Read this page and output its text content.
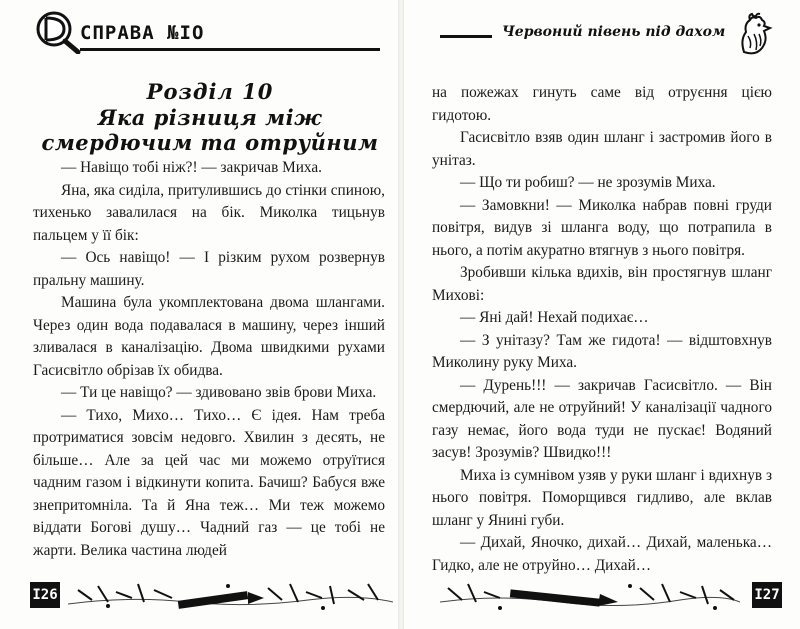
СПРАВА №IO	Червоний півень під дахом
Розділ 10
Яка різниця між
смердючим та отруйним

— Навіщо тобі ніж?! — закричав Миха.

Яна, яка сиділа, притулившись до стінки спиною, тихенько завалилася на бік. Миколка тицьнув пальцем у її бік:

— Ось навіщо! — І різким рухом розвернув пральну машину.

Машина була укомплектована двома шлангами. Через один вода подавалася в машину, через інший зливалася в каналізацію. Двома швидкими рухами Гасисвітло обрізав їх обидва.

— Ти це навіщо? — здивовано звів брови Миха.

— Тихо, Михо… Тихо… Є ідея. Нам треба протриматися зовсім недовго. Хвилин з десять, не більше… Але за цей час ми можемо отруїтися чадним газом і відкинути копита. Бачиш? Бабуся вже знепритомніла. Та й Яна теж… Ми теж можемо віддати Богові душу… Чадний газ — це тобі не жарти. Велика частина людей

на пожежах гинуть саме від отруєння цією гидотою.

Гасисвітло взяв один шланг і застромив його в унітаз.

— Що ти робиш? — не зрозумів Миха.

— Замовкни! — Миколка набрав повні груди повітря, видув зі шланга воду, що потрапила в нього, а потім акуратно втягнув з нього повітря.

Зробивши кілька вдихів, він простягнув шланг Михові:

— Яні дай! Нехай подихає…

— З унітазу? Там же гидота! — відштовхнув Миколину руку Миха.

— Дурень!!! — закричав Гасисвітло. — Він смердючий, але не отруйний! У каналізації чадного газу немає, його вода туди не пускає! Водяний засув! Зрозумів? Швидко!!!

Миха із сумнівом узяв у руки шланг і вдихнув з нього повітря. Поморщився гидливо, але вклав шланг у Янині губи.

— Дихай, Яночко, дихай… Дихай, маленька… Гидко, але не отруйно… Дихай…

I26	I27
